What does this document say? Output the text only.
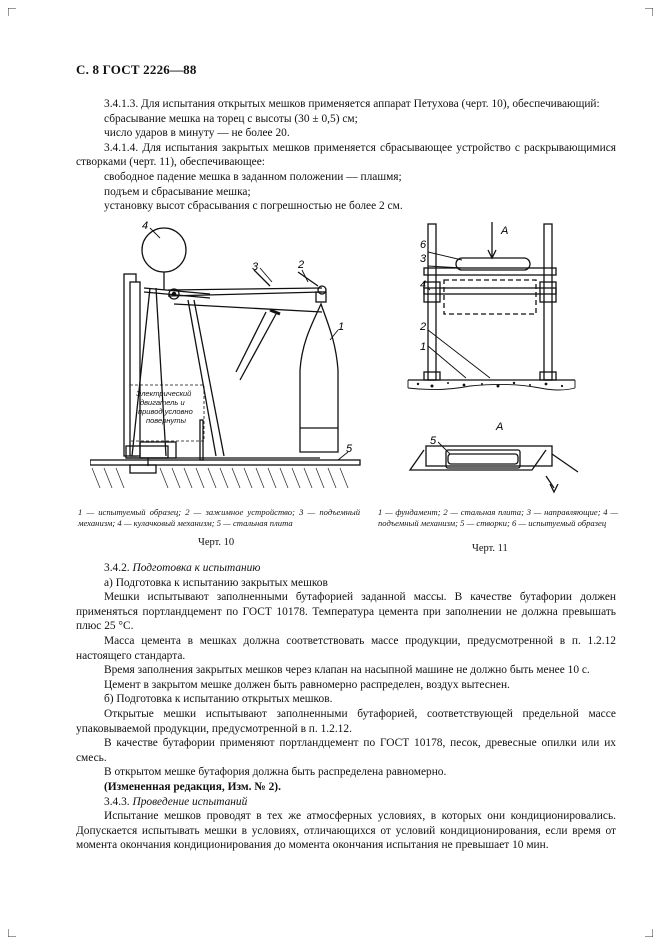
С. 8 ГОСТ 2226—88

3.4.1.3. Для испытания открытых мешков применяется аппарат Петухова (черт. 10), обеспечивающий:

сбрасывание мешка на торец с высоты (30 ± 0,5) см;

число ударов в минуту — не более 20.

3.4.1.4. Для испытания закрытых мешков применяется сбрасывающее устройство с раскрывающимися створками (черт. 11), обеспечивающее:

свободное падение мешка в заданном положении — плашмя;

подъем и сбрасывание мешка;

установку высот сбрасывания с погрешностью не более 2 см.

4
3	2
1
5
Электрический
двигатель и
привод условно
повернуты
1 — испытуемый образец; 2 — зажимное устройство; 3 — подъемный механизм; 4 — кулачковый механизм; 5 — стальная плита
Черт. 10
6
3
4
2
1
5
А
А
1 — фундамент; 2 — стальная плита; 3 — направляющие; 4 — подъемный механизм; 5 — створки; 6 — испытуемый образец
Черт. 11

3.4.2. Подготовка к испытанию

а) Подготовка к испытанию закрытых мешков

Мешки испытывают заполненными бутафорией заданной массы. В качестве бутафории должен применяться портландцемент по ГОСТ 10178. Температура цемента при заполнении не должна превышать плюс 25 °С.

Масса цемента в мешках должна соответствовать массе продукции, предусмотренной в п. 1.2.12 настоящего стандарта.

Время заполнения закрытых мешков через клапан на насыпной машине не должно быть менее 10 с.

Цемент в закрытом мешке должен быть равномерно распределен, воздух вытеснен.

б) Подготовка к испытанию открытых мешков.

Открытые мешки испытывают заполненными бутафорией, соответствующей предельной массе упаковываемой продукции, предусмотренной в п. 1.2.12.

В качестве бутафории применяют портландцемент по ГОСТ 10178, песок, древесные опилки или их смесь.

В открытом мешке бутафория должна быть распределена равномерно.

(Измененная редакция, Изм. № 2).

3.4.3. Проведение испытаний

Испытание мешков проводят в тех же атмосферных условиях, в которых они кондиционировались. Допускается испытывать мешки в условиях, отличающихся от условий кондиционирования, если время от момента окончания кондиционирования до момента окончания испытания не превышает 10 мин.
